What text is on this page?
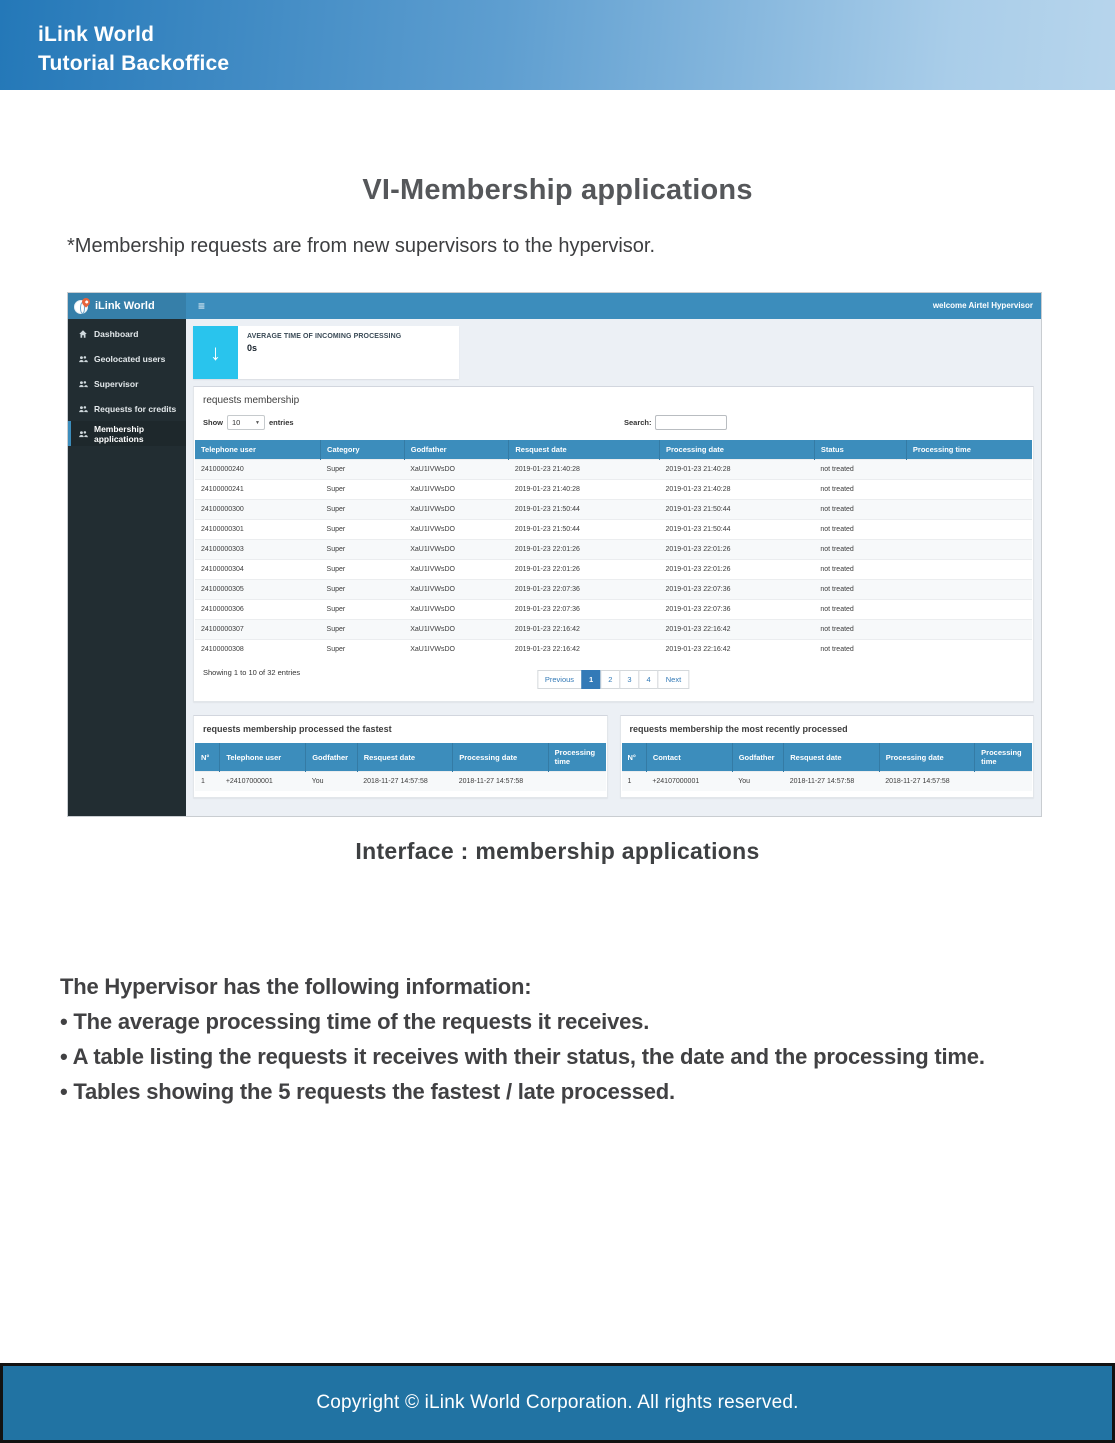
iLink World
Tutorial Backoffice
VI-Membership applications
*Membership requests are from new supervisors to the hypervisor.
iLink World	≡	welcome Airtel Hypervisor
Dashboard
Geolocated users
Supervisor
Requests for credits
Membership applications
↓
AVERAGE TIME OF INCOMING PROCESSING
0s
requests membership
Show 10	▼ entries	Search:
Telephone user	Category	Godfather	Resquest date	Processing date	Status	Processing time
24100000240	Super	XaU1IVWsDO	2019-01-23 21:40:28	2019-01-23 21:40:28	not treated	
24100000241	Super	XaU1IVWsDO	2019-01-23 21:40:28	2019-01-23 21:40:28	not treated	
24100000300	Super	XaU1IVWsDO	2019-01-23 21:50:44	2019-01-23 21:50:44	not treated	
24100000301	Super	XaU1IVWsDO	2019-01-23 21:50:44	2019-01-23 21:50:44	not treated	
24100000303	Super	XaU1IVWsDO	2019-01-23 22:01:26	2019-01-23 22:01:26	not treated	
24100000304	Super	XaU1IVWsDO	2019-01-23 22:01:26	2019-01-23 22:01:26	not treated	
24100000305	Super	XaU1IVWsDO	2019-01-23 22:07:36	2019-01-23 22:07:36	not treated	
24100000306	Super	XaU1IVWsDO	2019-01-23 22:07:36	2019-01-23 22:07:36	not treated	
24100000307	Super	XaU1IVWsDO	2019-01-23 22:16:42	2019-01-23 22:16:42	not treated	
24100000308	Super	XaU1IVWsDO	2019-01-23 22:16:42	2019-01-23 22:16:42	not treated	
Showing 1 to 10 of 32 entries
Previous	1	2	3	4	Next
requests membership processed the fastest
N°	Telephone user	Godfather	Resquest date	Processing date	Processing time
1	+24107000001	You	2018-11-27 14:57:58	2018-11-27 14:57:58	
requests membership the most recently processed
N°	Contact	Godfather	Resquest date	Processing date	Processing time
1	+24107000001	You	2018-11-27 14:57:58	2018-11-27 14:57:58	
Interface : membership applications
The Hypervisor has the following information:
• The average processing time of the requests it receives.
• A table listing the requests it receives with their status, the date and the processing time.
• Tables showing the 5 requests the fastest / late processed.
Copyright © iLink World Corporation. All rights reserved.
